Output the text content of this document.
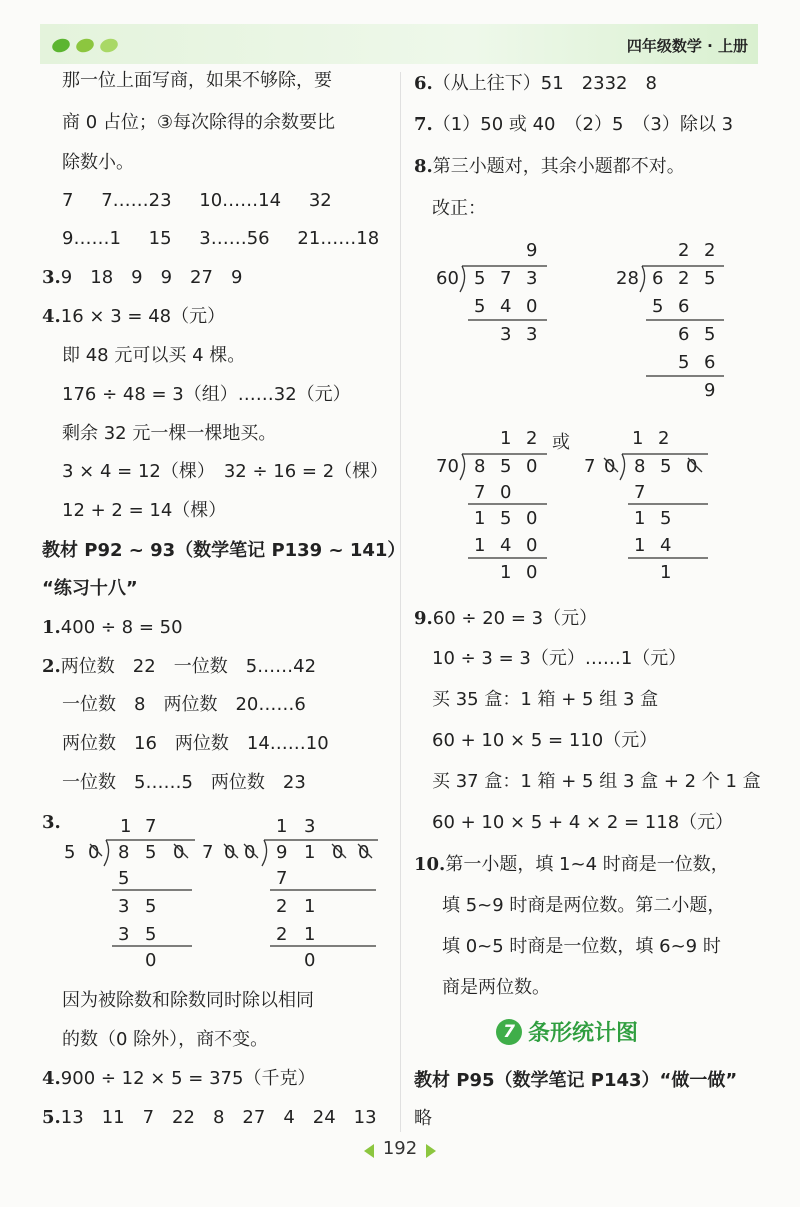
四年级数学 · 上册
那一位上面写商，如果不够除，要
商 0 占位；③每次除得的余数要比
除数小。
7 7……23 10……14 32
9……1 15 3……56 21……18
3.9　18　9　9　27　9
4.16 × 3 = 48（元）
即 48 元可以买 4 棵。
176 ÷ 48 = 3（组）……32（元）
剩余 32 元一棵一棵地买。
3 × 4 = 12（棵）　32 ÷ 16 = 2（棵）
12 + 2 = 14（棵）
教材 P92 ~ 93（数学笔记 P139 ~ 141）
“练习十八”
1.400 ÷ 8 = 50
2.两位数　22　一位数　5……42
一位数　8　两位数　20……6
两位数　16　两位数　14……10
一位数　5……5　两位数　23
3.	1 7
5 0 8 5 0
5
3 5
3 5
0
1 3
7 0 0 9 1 0 0
7
2 1
2 1
0
因为被除数和除数同时除以相同
的数（0 除外），商不变。
4.900 ÷ 12 × 5 = 375（千克）
5.13　11　7　22　8　27　4　24　13
6.（从上往下）51　2332　8
7.（1）50 或 40　（2）5　（3）除以 3
8.第三小题对，其余小题都不对。
改正：
9
60 5 7 3
5 4 0
3 3
2 2
28 6 2 5
5 6
6 5
5 6
9
1 2
70 8 5 0
7 0
1 5 0
1 4 0
1 0
或	1 2
7 0 8 5 0
7
1 5
1 4
1
9.60 ÷ 20 = 3（元）
10 ÷ 3 = 3（元）……1（元）
买 35 盒：1 箱 + 5 组 3 盒
60 + 10 × 5 = 110（元）
买 37 盒：1 箱 + 5 组 3 盒 + 2 个 1 盒
60 + 10 × 5 + 4 × 2 = 118（元）
10.第一小题，填 1~4 时商是一位数，
填 5~9 时商是两位数。第二小题，
填 0~5 时商是一位数，填 6~9 时
商是两位数。
7 条形统计图
教材 P95（数学笔记 P143）“做一做”
略
192
